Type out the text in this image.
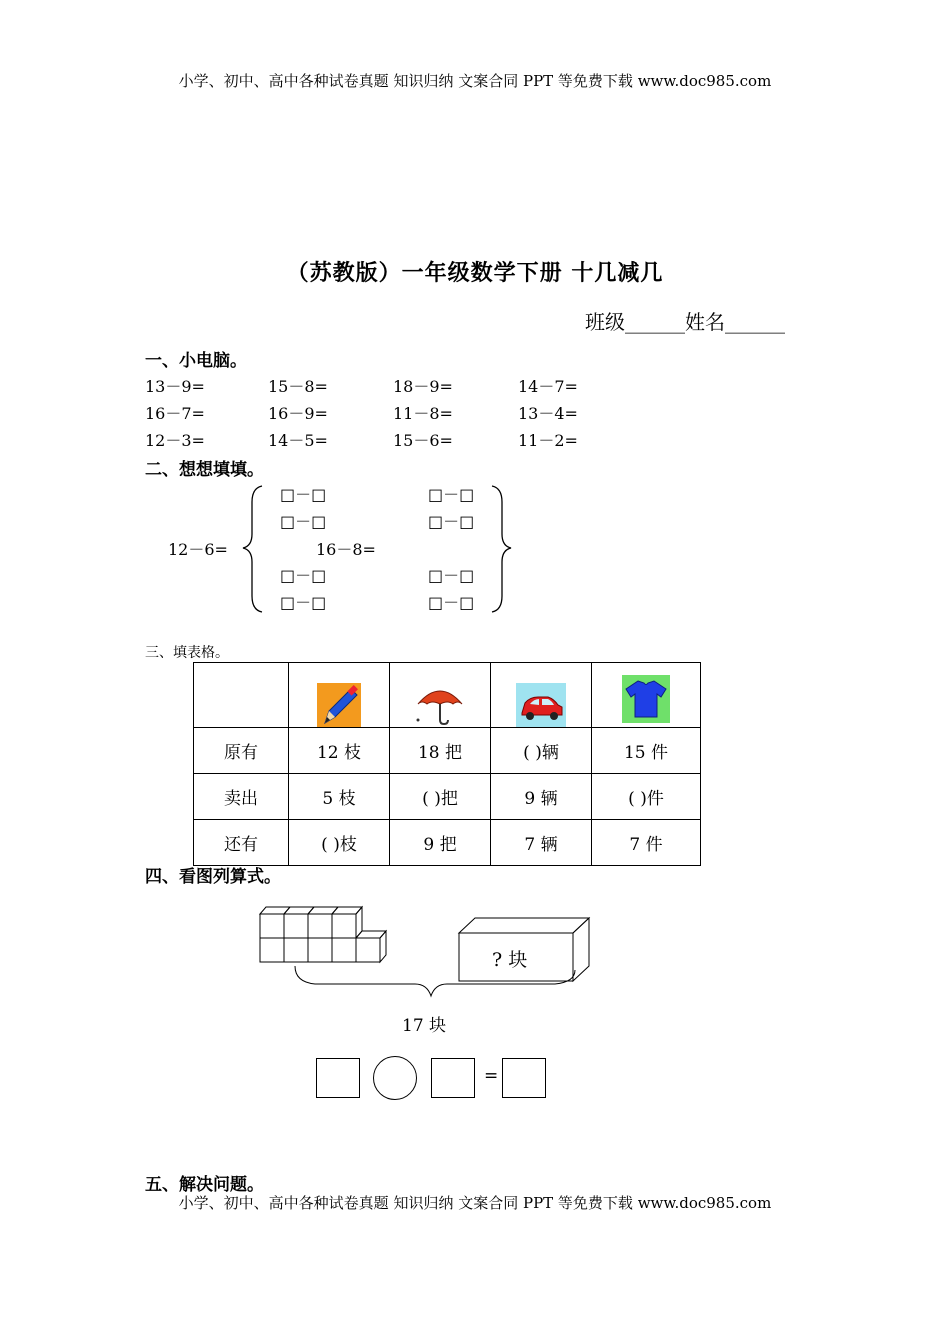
小学、初中、高中各种试卷真题 知识归纳 文案合同 PPT 等免费下载 www.doc985.com
（苏教版）一年级数学下册 十几减几
班级______姓名______
一、小电脑。
13－9=	15－8=	18－9=	14－7=
16－7=	16－9=	11－8=	13－4=
12－3=	14－5=	15－6=	11－2=
二、想想填填。
12－6=	16－8=
□－□
□－□
□－□
□－□
□－□
□－□
□－□
□－□
三、填表格。

原有	12 枝	18 把	( )辆	15 件
卖出	5 枝	( )把	9 辆	( )件
还有	( )枝	9 把	7 辆	7 件
四、看图列算式。
? 块
17 块
=
五、解决问题。
小学、初中、高中各种试卷真题 知识归纳 文案合同 PPT 等免费下载 www.doc985.com
